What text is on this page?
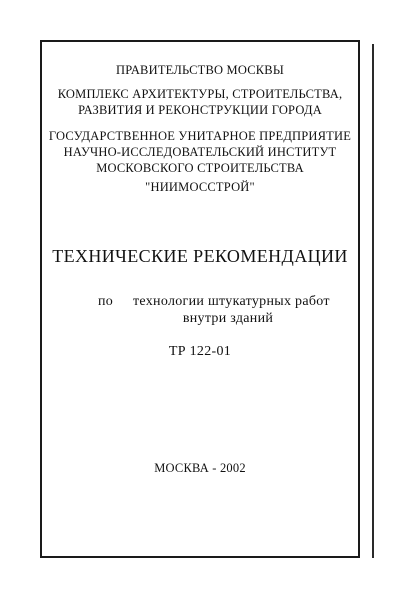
ПРАВИТЕЛЬСТВО МОСКВЫ
КОМПЛЕКС АРХИТЕКТУРЫ, СТРОИТЕЛЬСТВА,
РАЗВИТИЯ И РЕКОНСТРУКЦИИ ГОРОДА
ГОСУДАРСТВЕННОЕ УНИТАРНОЕ ПРЕДПРИЯТИЕ
НАУЧНО-ИССЛЕДОВАТЕЛЬСКИЙ ИНСТИТУТ
МОСКОВСКОГО СТРОИТЕЛЬСТВА
"НИИМОССТРОЙ"
ТЕХНИЧЕСКИЕ РЕКОМЕНДАЦИИ
по технологии штукатурных работ
внутри зданий
ТР 122-01
МОСКВА - 2002
